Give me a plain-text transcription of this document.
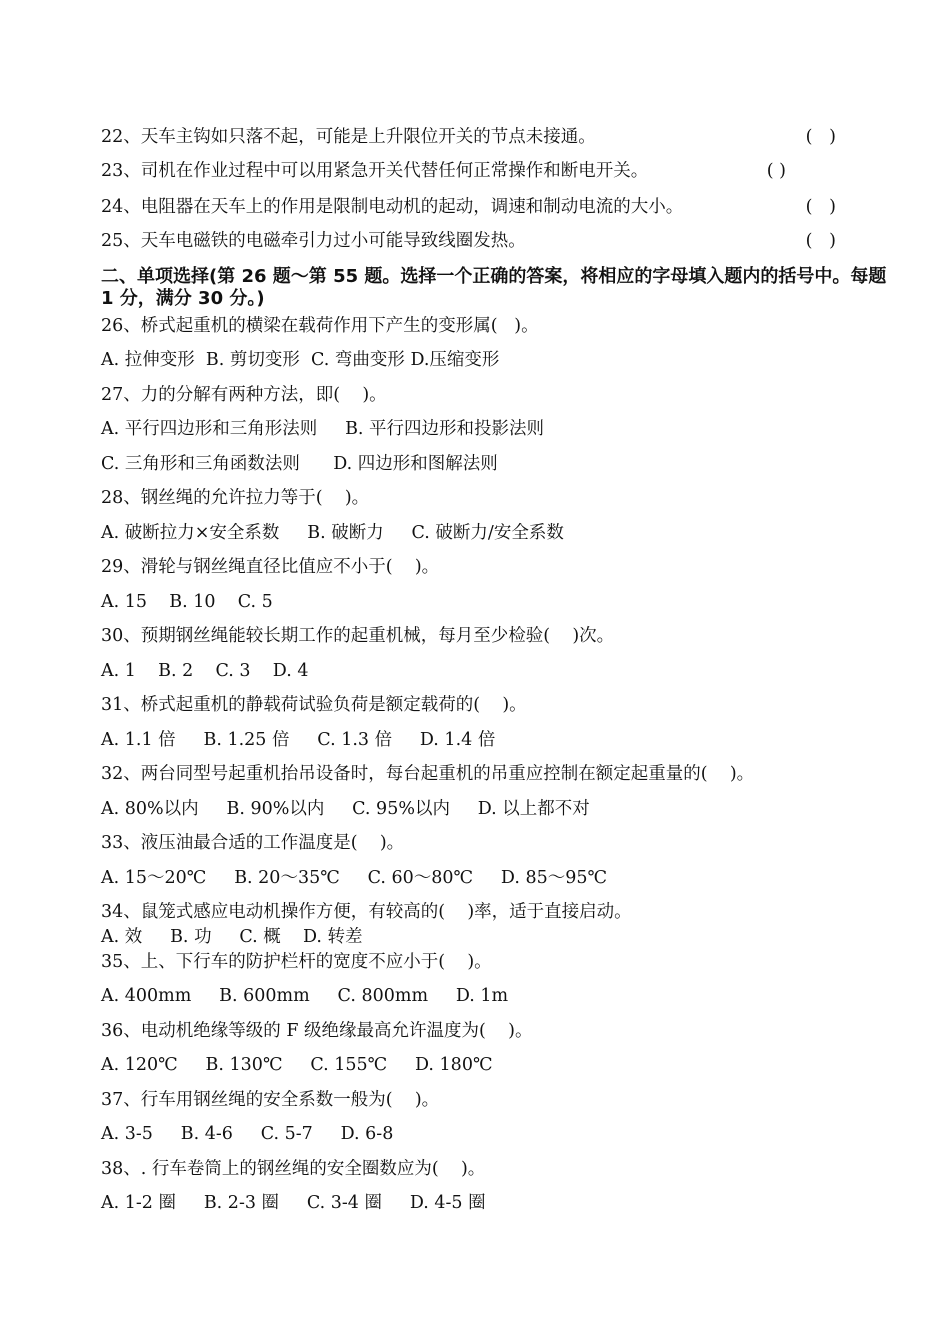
22、天车主钩如只落不起，可能是上升限位开关的节点未接通。

	(   )

23、司机在作业过程中可以用紧急开关代替任何正常操作和断电开关。

	( )

24、电阻器在天车上的作用是限制电动机的起动，调速和制动电流的大小。

	(   )

25、天车电磁铁的电磁牵引力过小可能导致线圈发热。

	(   )

二、单项选择(第 26 题～第 55 题。选择一个正确的答案，将相应的字母填入题内的括号中。每题 1 分，满分 30 分。)
26、桥式起重机的横梁在载荷作用下产生的变形属(   )。
A. 拉伸变形  B. 剪切变形  C. 弯曲变形 D.压缩变形
27、力的分解有两种方法，即(    )。
A. 平行四边形和三角形法则     B. 平行四边形和投影法则
C. 三角形和三角函数法则      D. 四边形和图解法则
28、钢丝绳的允许拉力等于(    )。
A. 破断拉力×安全系数     B. 破断力     C. 破断力/安全系数
29、滑轮与钢丝绳直径比值应不小于(    )。
A. 15    B. 10    C. 5
30、预期钢丝绳能较长期工作的起重机械，每月至少检验(    )次。
A. 1    B. 2    C. 3    D. 4
31、桥式起重机的静载荷试验负荷是额定载荷的(    )。
A. 1.1 倍     B. 1.25 倍     C. 1.3 倍     D. 1.4 倍
32、两台同型号起重机抬吊设备时，每台起重机的吊重应控制在额定起重量的(    )。
A. 80%以内     B. 90%以内     C. 95%以内     D. 以上都不对
33、液压油最合适的工作温度是(    )。
A. 15～20℃     B. 20～35℃     C. 60～80℃     D. 85～95℃
34、鼠笼式感应电动机操作方便，有较高的(    )率，适于直接启动。
A. 效     B. 功     C. 概    D. 转差
35、上、下行车的防护栏杆的宽度不应小于(    )。
A. 400mm     B. 600mm     C. 800mm     D. 1m
36、电动机绝缘等级的 F 级绝缘最高允许温度为(    )。
A. 120℃     B. 130℃     C. 155℃     D. 180℃
37、行车用钢丝绳的安全系数一般为(    )。
A. 3-5     B. 4-6     C. 5-7     D. 6-8
38、. 行车卷筒上的钢丝绳的安全圈数应为(    )。
A. 1-2 圈     B. 2-3 圈     C. 3-4 圈     D. 4-5 圈
